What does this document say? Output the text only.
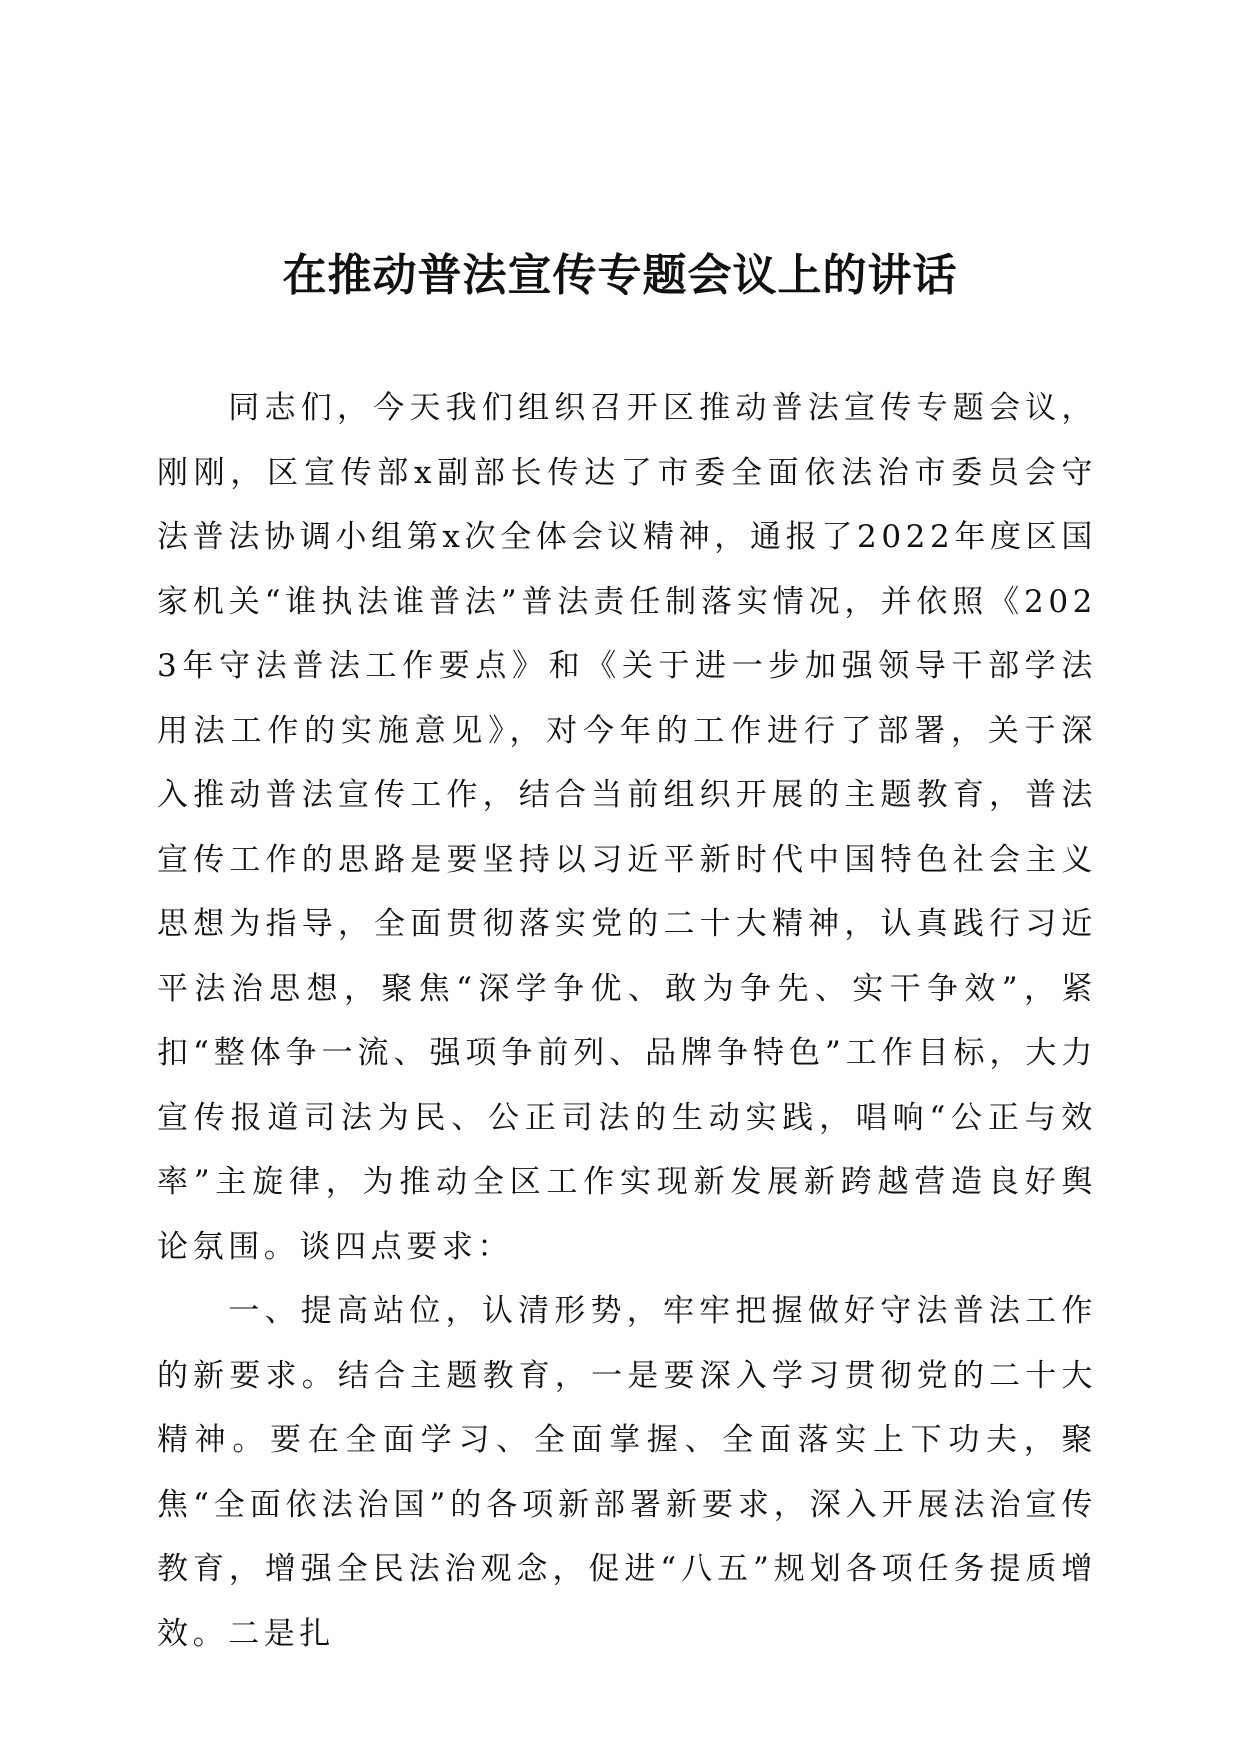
在推动普法宣传专题会议上的讲话

同志们，今天我们组织召开区推动普法宣传专题会议，刚刚，区宣传部x副部长传达了市委全面依法治市委员会守法普法协调小组第x次全体会议精神，通报了2022年度区国家机关“谁执法谁普法”普法责任制落实情况，并依照《2023年守法普法工作要点》和《关于进一步加强领导干部学法用法工作的实施意见》，对今年的工作进行了部署，关于深入推动普法宣传工作，结合当前组织开展的主题教育，普法宣传工作的思路是要坚持以习近平新时代中国特色社会主义思想为指导，全面贯彻落实党的二十大精神，认真践行习近平法治思想，聚焦“深学争优、敢为争先、实干争效”，紧扣“整体争一流、强项争前列、品牌争特色”工作目标，大力宣传报道司法为民、公正司法的生动实践，唱响“公正与效率”主旋律，为推动全区工作实现新发展新跨越营造良好舆论氛围。谈四点要求：

一、提高站位，认清形势，牢牢把握做好守法普法工作的新要求。结合主题教育，一是要深入学习贯彻党的二十大精神。要在全面学习、全面掌握、全面落实上下功夫，聚焦“全面依法治国”的各项新部署新要求，深入开展法治宣传教育，增强全民法治观念，促进“八五”规划各项任务提质增效。二是扎
